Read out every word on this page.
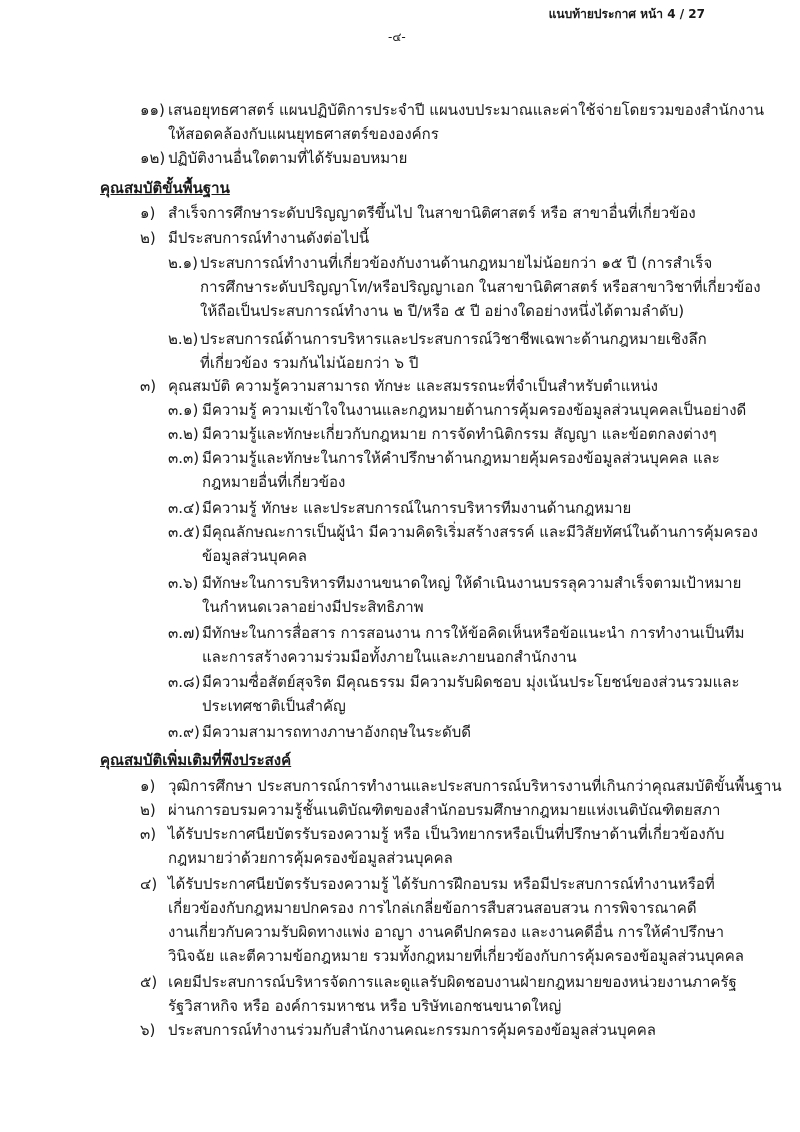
แนบท้ายประกาศ หน้า 4 / 27
-๔-
๑๑) เสนอยุทธศาสตร์ แผนปฏิบัติการประจำปี แผนงบประมาณและค่าใช้จ่ายโดยรวมของสำนักงาน
ให้สอดคล้องกับแผนยุทธศาสตร์ขององค์กร
๑๒) ปฏิบัติงานอื่นใดตามที่ได้รับมอบหมาย
คุณสมบัติขั้นพื้นฐาน
๑) สำเร็จการศึกษาระดับปริญญาตรีขึ้นไป ในสาขานิติศาสตร์ หรือ สาขาอื่นที่เกี่ยวข้อง
๒) มีประสบการณ์ทำงานดังต่อไปนี้
๒.๑) ประสบการณ์ทำงานที่เกี่ยวข้องกับงานด้านกฎหมายไม่น้อยกว่า ๑๕ ปี (การสำเร็จ
การศึกษาระดับปริญญาโท/หรือปริญญาเอก ในสาขานิติศาสตร์ หรือสาขาวิชาที่เกี่ยวข้อง
ให้ถือเป็นประสบการณ์ทำงาน ๒ ปี/หรือ ๕ ปี อย่างใดอย่างหนึ่งได้ตามลำดับ)
๒.๒) ประสบการณ์ด้านการบริหารและประสบการณ์วิชาชีพเฉพาะด้านกฎหมายเชิงลึก
ที่เกี่ยวข้อง รวมกันไม่น้อยกว่า ๖ ปี
๓) คุณสมบัติ ความรู้ความสามารถ ทักษะ และสมรรถนะที่จำเป็นสำหรับตำแหน่ง
๓.๑) มีความรู้ ความเข้าใจในงานและกฎหมายด้านการคุ้มครองข้อมูลส่วนบุคคลเป็นอย่างดี
๓.๒) มีความรู้และทักษะเกี่ยวกับกฎหมาย การจัดทำนิติกรรม สัญญา และข้อตกลงต่างๆ
๓.๓) มีความรู้และทักษะในการให้คำปรึกษาด้านกฎหมายคุ้มครองข้อมูลส่วนบุคคล และ
กฎหมายอื่นที่เกี่ยวข้อง
๓.๔) มีความรู้ ทักษะ และประสบการณ์ในการบริหารทีมงานด้านกฎหมาย
๓.๕) มีคุณลักษณะการเป็นผู้นำ มีความคิดริเริ่มสร้างสรรค์ และมีวิสัยทัศน์ในด้านการคุ้มครอง
ข้อมูลส่วนบุคคล
๓.๖) มีทักษะในการบริหารทีมงานขนาดใหญ่ ให้ดำเนินงานบรรลุความสำเร็จตามเป้าหมาย
ในกำหนดเวลาอย่างมีประสิทธิภาพ
๓.๗) มีทักษะในการสื่อสาร การสอนงาน การให้ข้อคิดเห็นหรือข้อแนะนำ การทำงานเป็นทีม
และการสร้างความร่วมมือทั้งภายในและภายนอกสำนักงาน
๓.๘) มีความซื่อสัตย์สุจริต มีคุณธรรม มีความรับผิดชอบ มุ่งเน้นประโยชน์ของส่วนรวมและ
ประเทศชาติเป็นสำคัญ
๓.๙) มีความสามารถทางภาษาอังกฤษในระดับดี
คุณสมบัติเพิ่มเติมที่พึงประสงค์
๑) วุฒิการศึกษา ประสบการณ์การทำงานและประสบการณ์บริหารงานที่เกินกว่าคุณสมบัติขั้นพื้นฐาน
๒) ผ่านการอบรมความรู้ชั้นเนติบัณฑิตของสำนักอบรมศึกษากฎหมายแห่งเนติบัณฑิตยสภา
๓) ได้รับประกาศนียบัตรรับรองความรู้ หรือ เป็นวิทยากรหรือเป็นที่ปรึกษาด้านที่เกี่ยวข้องกับ
กฎหมายว่าด้วยการคุ้มครองข้อมูลส่วนบุคคล
๔) ได้รับประกาศนียบัตรรับรองความรู้ ได้รับการฝึกอบรม หรือมีประสบการณ์ทำงานหรือที่
เกี่ยวข้องกับกฎหมายปกครอง การไกล่เกลี่ยข้อการสืบสวนสอบสวน การพิจารณาคดี
งานเกี่ยวกับความรับผิดทางแพ่ง อาญา งานคดีปกครอง และงานคดีอื่น การให้คำปรึกษา
วินิจฉัย และตีความข้อกฎหมาย รวมทั้งกฎหมายที่เกี่ยวข้องกับการคุ้มครองข้อมูลส่วนบุคคล
๕) เคยมีประสบการณ์บริหารจัดการและดูแลรับผิดชอบงานฝ่ายกฎหมายของหน่วยงานภาครัฐ
รัฐวิสาหกิจ หรือ องค์การมหาชน หรือ บริษัทเอกชนขนาดใหญ่
๖) ประสบการณ์ทำงานร่วมกับสำนักงานคณะกรรมการคุ้มครองข้อมูลส่วนบุคคล
